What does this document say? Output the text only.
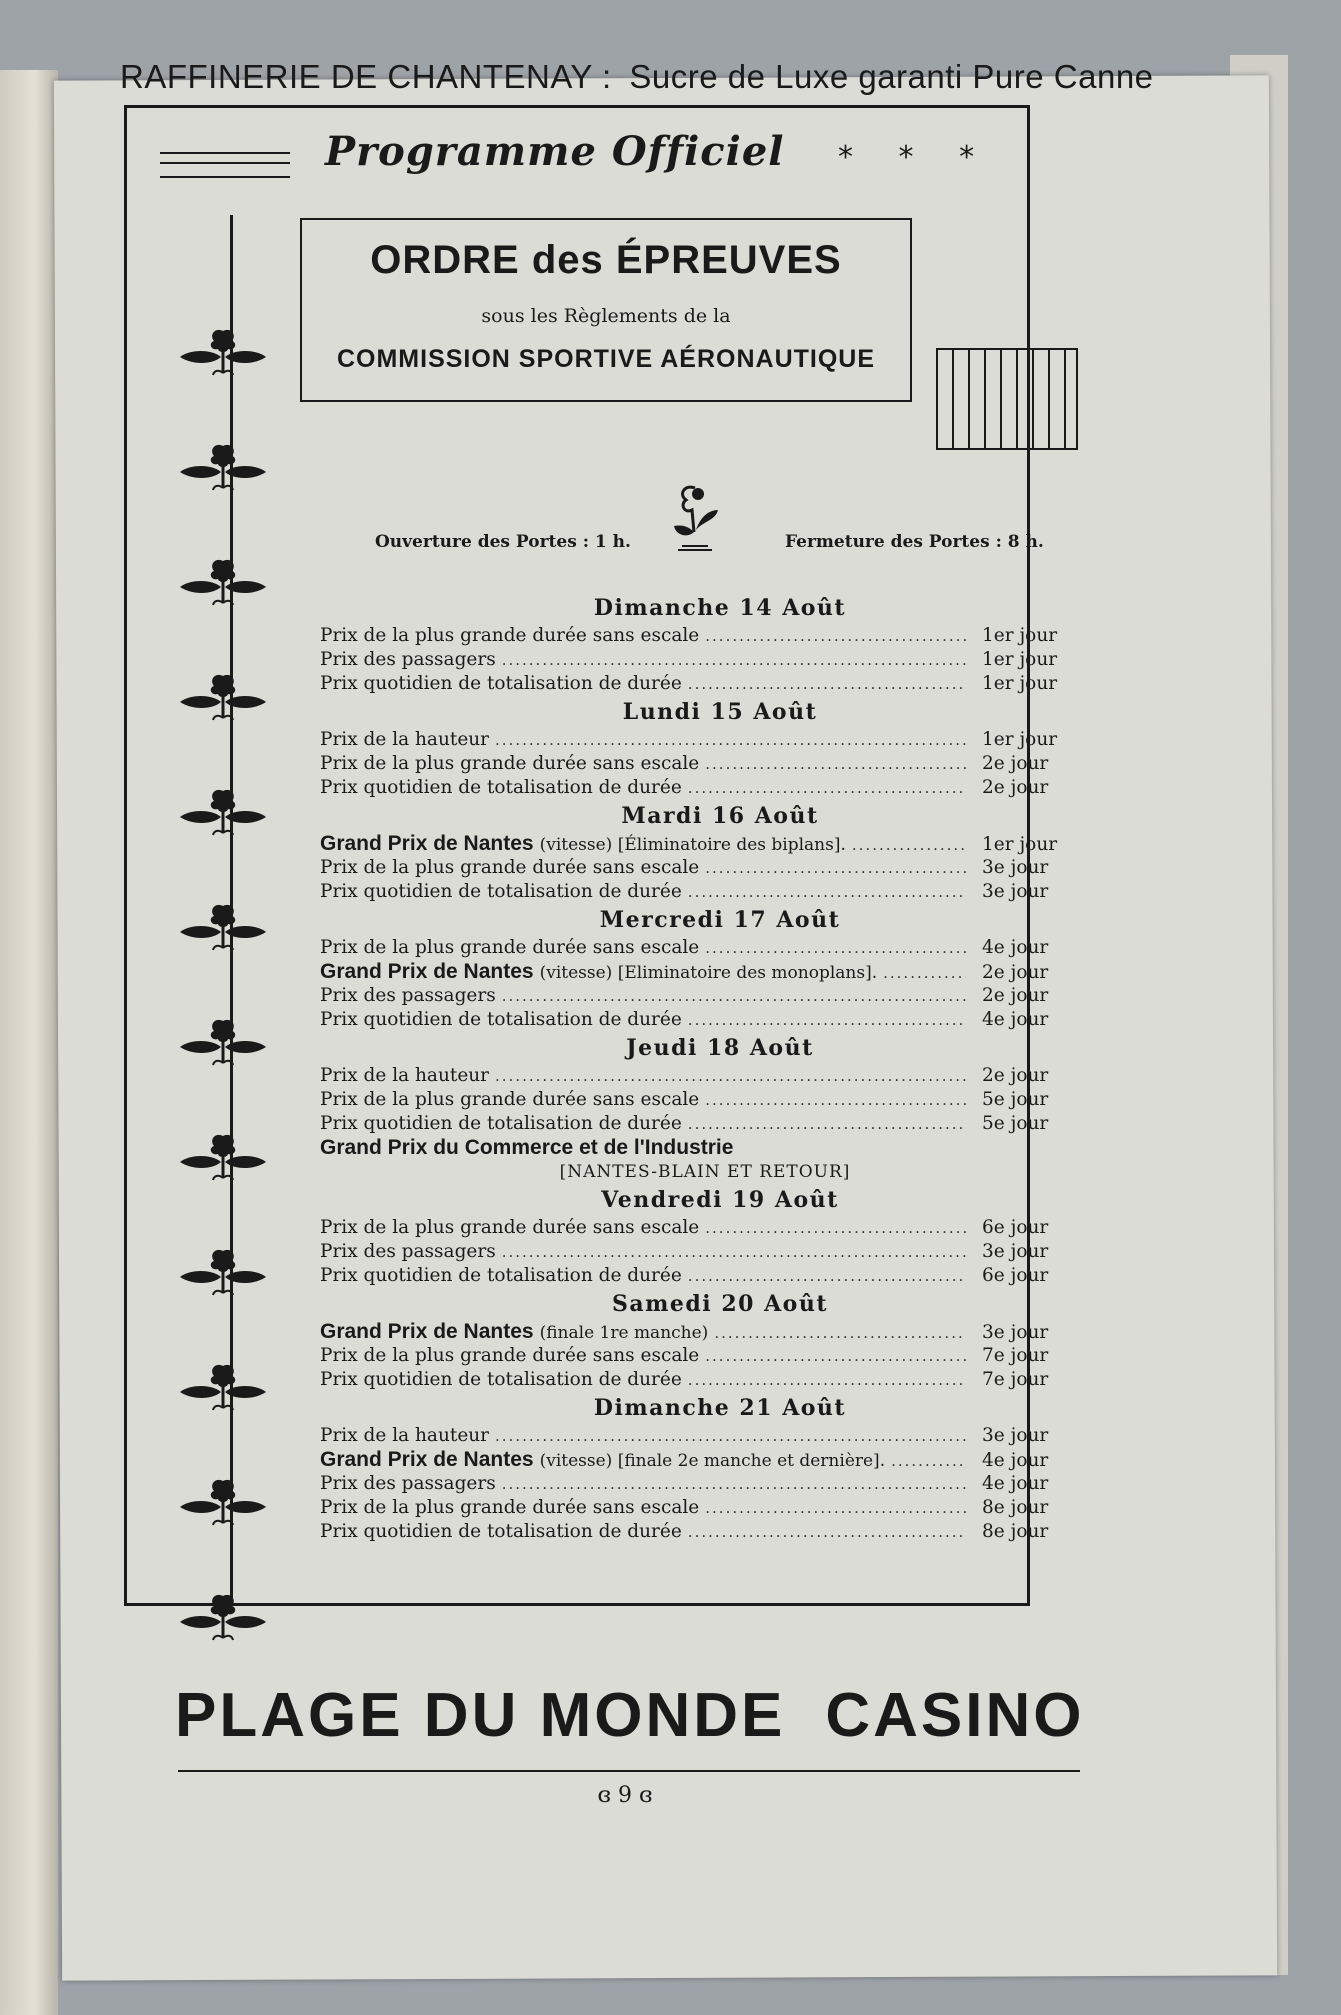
RAFFINERIE DE CHANTENAY : Sucre de Luxe garanti Pure Canne
Programme Officiel	* * *
ORDRE des ÉPREUVES
sous les Règlements de la
COMMISSION SPORTIVE AÉRONAUTIQUE
Ouverture des Portes : 1 h.	Fermeture des Portes : 8 h.
Dimanche 14 Août
Prix de la plus grande durée sans escale .....	1er jour
Prix des passagers .....	1er jour
Prix quotidien de totalisation de durée .....	1er jour
Lundi 15 Août
Prix de la hauteur .....	1er jour
Prix de la plus grande durée sans escale .....	2e jour
Prix quotidien de totalisation de durée .....	2e jour
Mardi 16 Août
Grand Prix de Nantes (vitesse) [Éliminatoire des biplans]. .....	1er jour
Prix de la plus grande durée sans escale .....	3e jour
Prix quotidien de totalisation de durée .....	3e jour
Mercredi 17 Août
Prix de la plus grande durée sans escale .....	4e jour
Grand Prix de Nantes (vitesse) [Eliminatoire des monoplans]. .....	2e jour
Prix des passagers .....	2e jour
Prix quotidien de totalisation de durée .....	4e jour
Jeudi 18 Août
Prix de la hauteur .....	2e jour
Prix de la plus grande durée sans escale .....	5e jour
Prix quotidien de totalisation de durée .....	5e jour
Grand Prix du Commerce et de l'Industrie
[NANTES-BLAIN ET RETOUR]
Vendredi 19 Août
Prix de la plus grande durée sans escale .....	6e jour
Prix des passagers .....	3e jour
Prix quotidien de totalisation de durée .....	6e jour
Samedi 20 Août
Grand Prix de Nantes (finale 1re manche) .....	3e jour
Prix de la plus grande durée sans escale .....	7e jour
Prix quotidien de totalisation de durée .....	7e jour
Dimanche 21 Août
Prix de la hauteur .....	3e jour
Grand Prix de Nantes (vitesse) [finale 2e manche et dernière]. .....	4e jour
Prix des passagers .....	4e jour
Prix de la plus grande durée sans escale .....	8e jour
Prix quotidien de totalisation de durée .....	8e jour
PLAGE DU MONDE CASINO
ɞ 9 ɞ
